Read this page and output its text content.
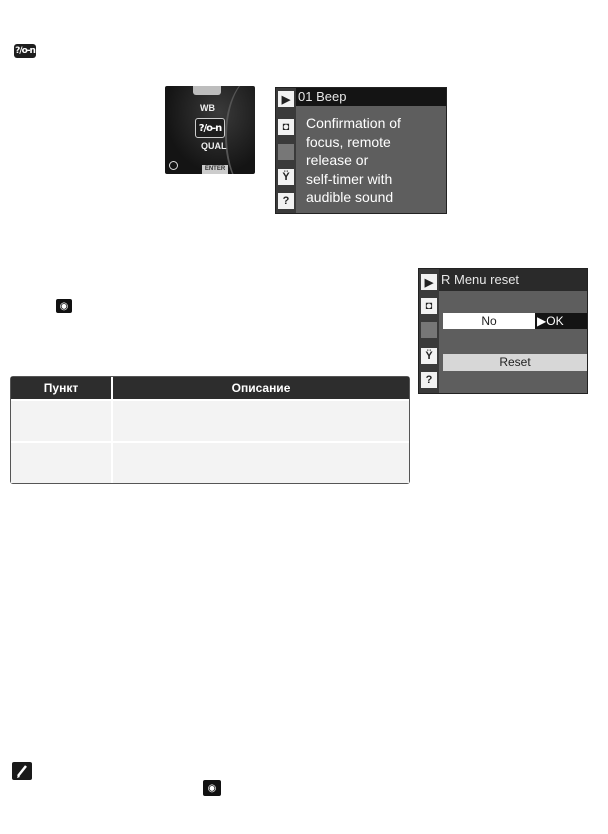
?/o-n
WB
?/o-n
QUAL
ENTER
▶
◘
Ÿ
?
01 Beep
Confirmation of
focus, remote
release or
self-timer with
audible sound
◉
▶
◘
Ÿ
?
R Menu reset
No	▶OK
Reset
Пункт	Описание

◉
